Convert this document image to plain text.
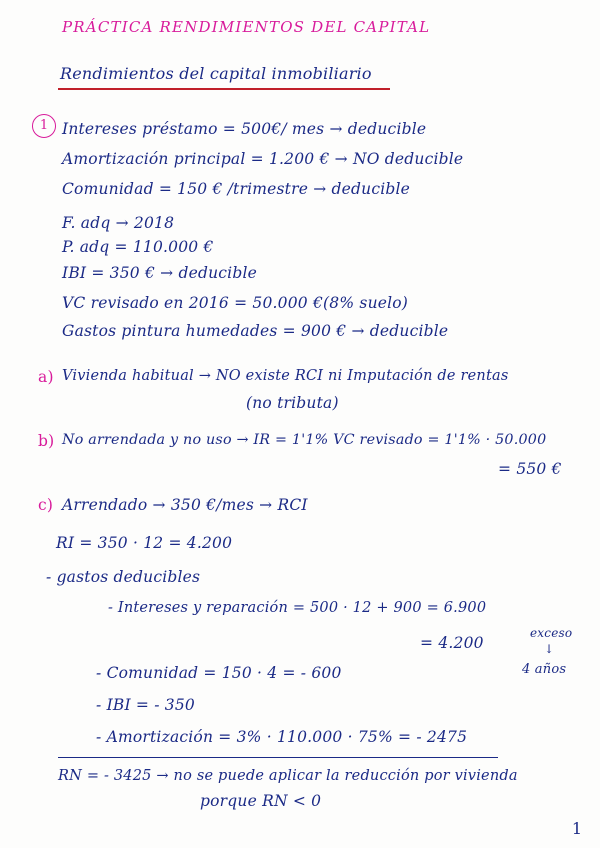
PRÁCTICA RENDIMIENTOS DEL CAPITAL
Rendimientos del capital inmobiliario
1 Intereses préstamo = 500€/ mes → deducible
Amortización principal = 1.200 € → NO deducible
Comunidad = 150 € /trimestre → deducible
F. adq → 2018
P. adq = 110.000 €
IBI = 350 € → deducible
VC revisado en 2016 = 50.000 €(8% suelo)
Gastos pintura humedades = 900 € → deducible
a) Vivienda habitual → NO existe RCI ni Imputación de rentas
(no tributa)
b) No arrendada y no uso → IR = 1'1% VC revisado = 1'1% · 50.000
= 550 €
c) Arrendado → 350 €/mes → RCI
RI = 350 · 12 = 4.200
- gastos deducibles
- Intereses y reparación = 500 · 12 + 900 = 6.900
= 4.200
exceso
↓
4 años
- Comunidad = 150 · 4 = - 600
- IBI = - 350
- Amortización = 3% · 110.000 · 75% = - 2475
RN = - 3425 → no se puede aplicar la reducción por vivienda
porque RN < 0
1
